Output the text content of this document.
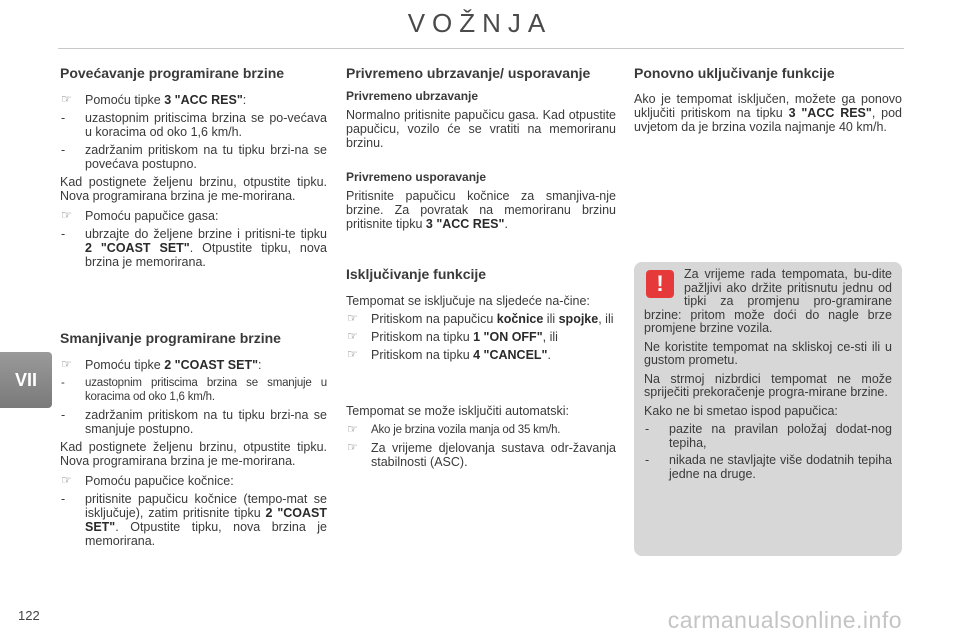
VOŽNJA
Povećavanje programirane brzine
☞ Pomoću tipke 3 "ACC RES":
- uzastopnim pritiscima brzina se po-većava u koracima od oko 1,6 km/h.
- zadržanim pritiskom na tu tipku brzi-na se povećava postupno.

Kad postignete željenu brzinu, otpustite tipku. Nova programirana brzina je me-morirana.

☞ Pomoću papučice gasa:
- ubrzajte do željene brzine i pritisni-te tipku 2 "COAST SET". Otpustite tipku, nova brzina je memorirana.
Smanjivanje programirane brzine
☞ Pomoću tipke 2 "COAST SET":
- uzastopnim pritiscima brzina se smanjuje u koracima od oko 1,6 km/h.
- zadržanim pritiskom na tu tipku brzi-na se smanjuje postupno.

Kad postignete željenu brzinu, otpustite tipku. Nova programirana brzina je me-morirana.

☞ Pomoću papučice kočnice:
- pritisnite papučicu kočnice (tempo-mat se isključuje), zatim pritisnite tipku 2 "COAST SET". Otpustite tipku, nova brzina je memorirana.
Privremeno ubrzavanje/ usporavanje
Privremeno ubrzavanje

Normalno pritisnite papučicu gasa. Kad otpustite papučicu, vozilo će se vratiti na memoriranu brzinu.

Privremeno usporavanje

Pritisnite papučicu kočnice za smanjiva-nje brzine. Za povratak na memoriranu brzinu pritisnite tipku 3 "ACC RES".

Isključivanje funkcije

Tempomat se isključuje na sljedeće na-čine:

☞ Pritiskom na papučicu kočnice ili spojke, ili
☞ Pritiskom na tipku 1 "ON OFF", ili
☞ Pritiskom na tipku 4 "CANCEL".

Tempomat se može isključiti automatski:

☞ Ako je brzina vozila manja od 35 km/h.
☞ Za vrijeme djelovanja sustava odr-žavanja stabilnosti (ASC).
Ponovno uključivanje funkcije

Ako je tempomat isključen, možete ga ponovo uključiti pritiskom na tipku 3 "ACC RES", pod uvjetom da je brzina vozila najmanje 40 km/h.

!	Za vrijeme rada tempomata, bu-dite pažljivi ako držite pritisnutu jednu od tipki za promjenu pro-gramirane brzine: pritom može doći do nagle brze promjene brzine vozila.

Ne koristite tempomat na skliskoj ce-sti ili u gustom prometu.

Na strmoj nizbrdici tempomat ne može spriječiti prekoračenje progra-mirane brzine.

Kako ne bi smetao ispod papučica:

- pazite na pravilan položaj dodat-nog tepiha,
- nikada ne stavljajte više dodatnih tepiha jedne na druge.
VII
122	carmanualsonline.info
